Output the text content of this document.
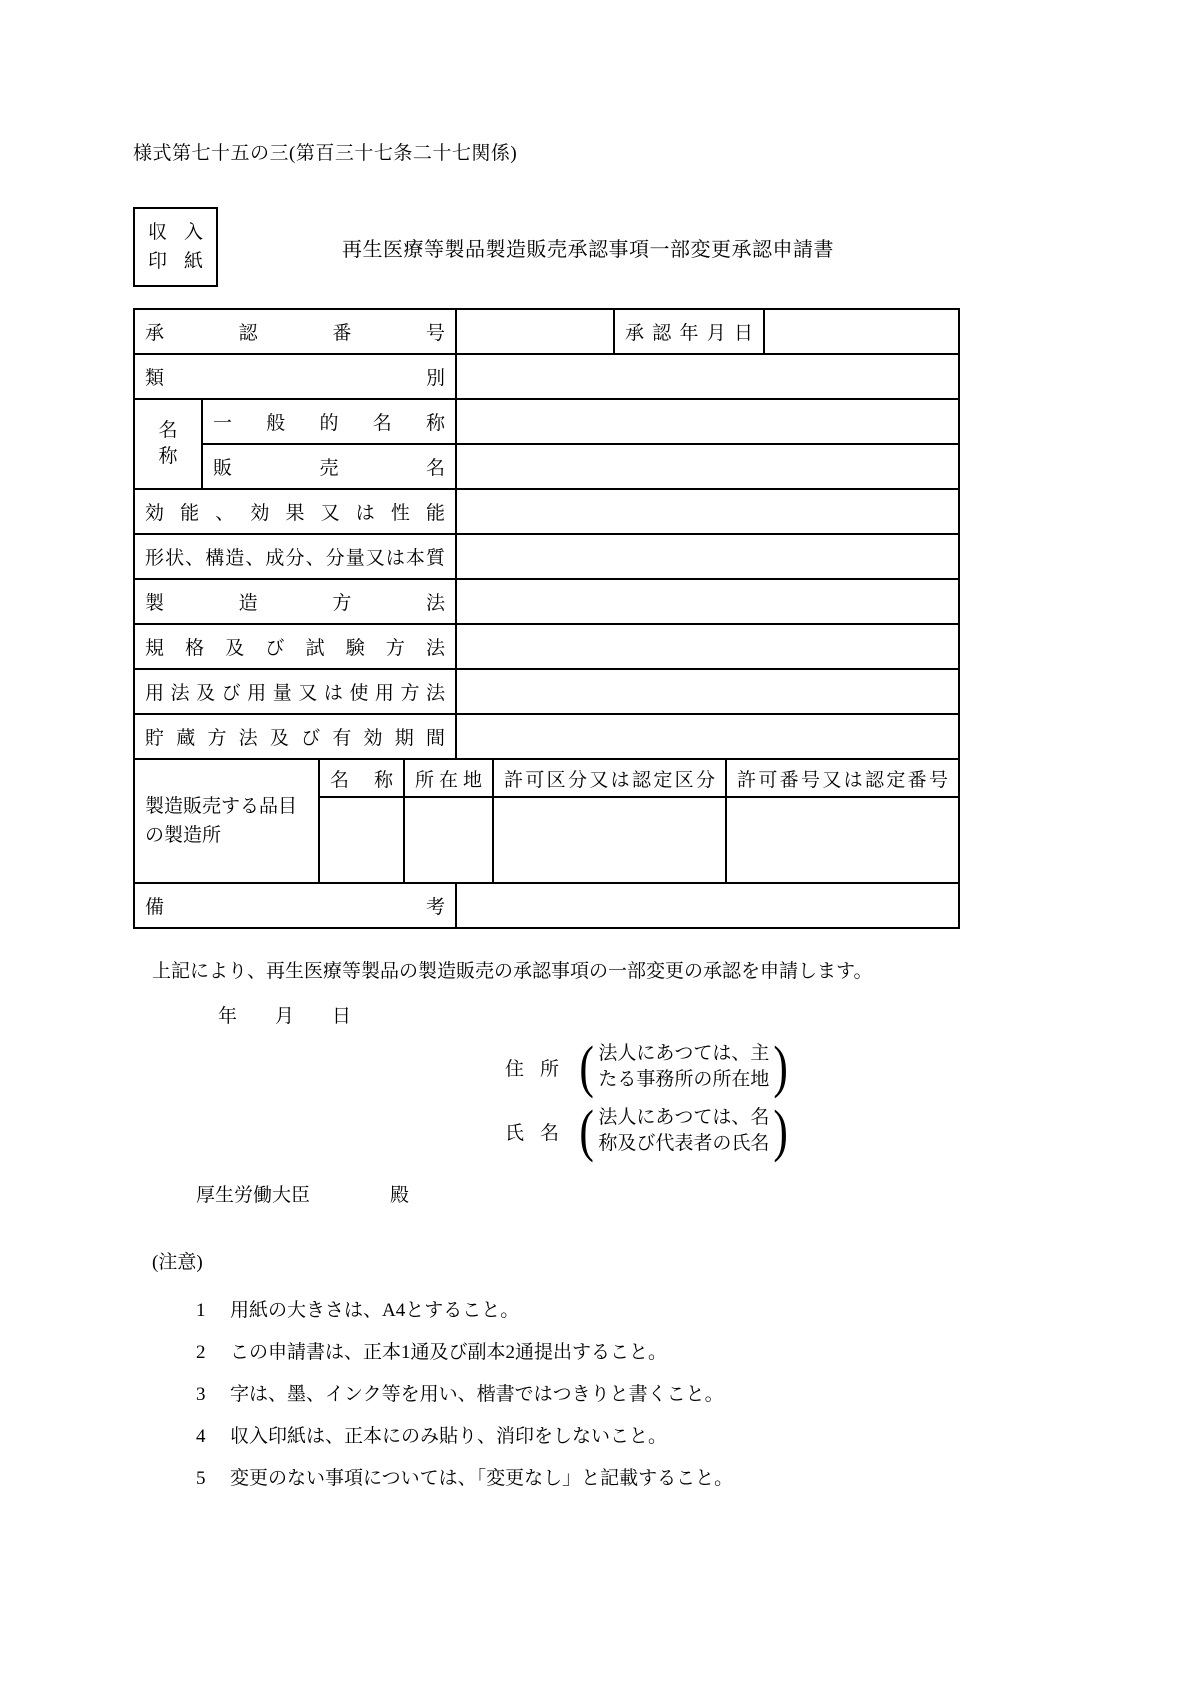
様式第七十五の三(第百三十七条二十七関係)
収入
印紙
再生医療等製品製造販売承認事項一部変更承認申請書
承認番号						承認年月日		
類別								
名称	一般的名称							
	販売名							
効能、効果又は性能								
形状、構造、成分、分量又は本質								
製造方法								
規格及び試験方法								
用法及び用量又は使用方法								
貯蔵方法及び有効期間								
製造販売する品目の製造所		名称	所在地		許可区分又は認定区分		許可番号又は認定番号	

備考								

上記により、再生医療等製品の製造販売の承認事項の一部変更の承認を申請します。

年　　月　　日
住所 ( 法人にあつては、主
たる事務所の所在地 )
氏名 ( 法人にあつては、名
称及び代表者の氏名 )
厚生労働大臣	殿
(注意)
1	用紙の大きさは、A4とすること。
2	この申請書は、正本1通及び副本2通提出すること。
3	字は、墨、インク等を用い、楷書ではつきりと書くこと。
4	収入印紙は、正本にのみ貼り、消印をしないこと。
5	変更のない事項については、「変更なし」と記載すること。
